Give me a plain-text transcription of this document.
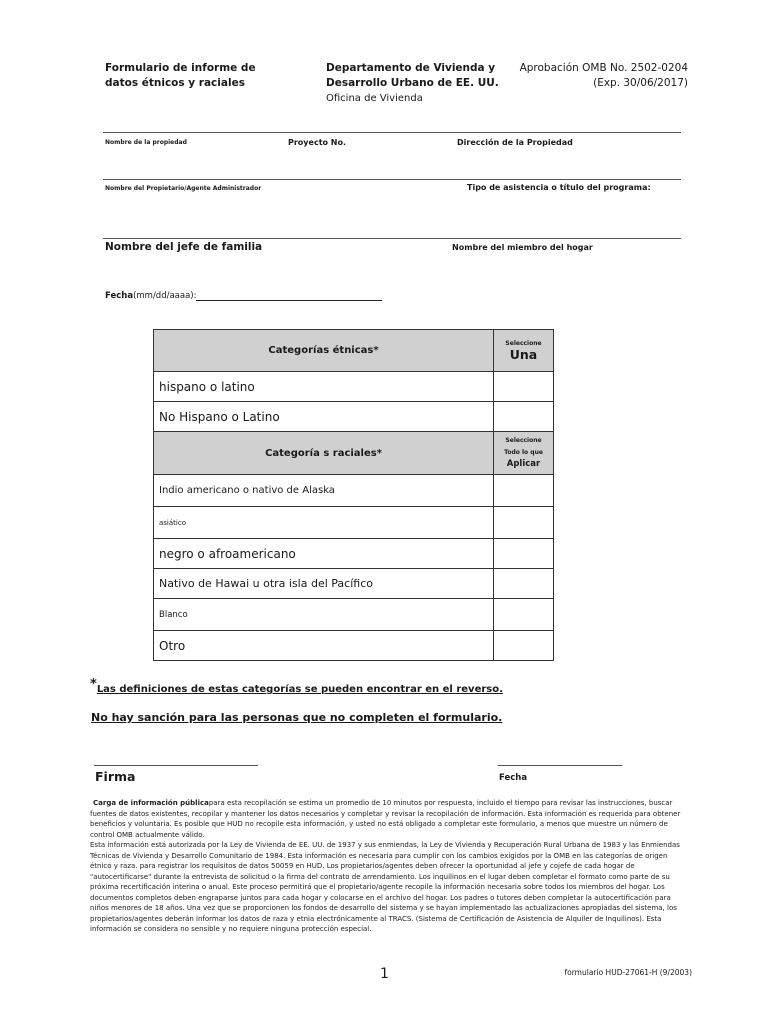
Formulario de informe de
datos étnicos y raciales
Departamento de Vivienda y
Desarrollo Urbano de EE. UU.
Oficina de Vivienda
Aprobación OMB No. 2502-0204
(Exp. 30/06/2017)
Nombre de la propiedad	Proyecto No.	Dirección de la Propiedad
Nombre del Propietario/Agente Administrador	Tipo de asistencia o título del programa:
Nombre del jefe de familia	Nombre del miembro del hogar
Fecha(mm/dd/aaaa):
Categorías étnicas*	Seleccione
Una

hispano o latino	
No Hispano o Latino	
Categoría s raciales*	Seleccione
Todo lo que
Aplicar

Indio americano o nativo de Alaska	
asiático	
negro o afroamericano	
Nativo de Hawai u otra isla del Pacífico	
Blanco	
Otro	
*Las definiciones de estas categorías se pueden encontrar en el reverso.
No hay sanción para las personas que no completen el formulario.
Firma	Fecha
Carga de información públicapara esta recopilación se estima un promedio de 10 minutos por respuesta, incluido el tiempo para revisar las instrucciones, buscar fuentes de datos existentes, recopilar y mantener los datos necesarios y completar y revisar la recopilación de información. Esta información es requerida para obtener beneficios y voluntaria. Es posible que HUD no recopile esta información, y usted no está obligado a completar este formulario, a menos que muestre un número de control OMB actualmente válido.
Esta información está autorizada por la Ley de Vivienda de EE. UU. de 1937 y sus enmiendas, la Ley de Vivienda y Recuperación Rural Urbana de 1983 y las Enmiendas Técnicas de Vivienda y Desarrollo Comunitario de 1984. Esta información es necesaria para cumplir con los cambios exigidos por la OMB en las categorías de origen étnico y raza. para registrar los requisitos de datos 50059 en HUD. Los propietarios/agentes deben ofrecer la oportunidad al jefe y cojefe de cada hogar de "autocertificarse" durante la entrevista de solicitud o la firma del contrato de arrendamiento. Los inquilinos en el lugar deben completar el formato como parte de su próxima recertificación interina o anual. Este proceso permitirá que el propietario/agente recopile la información necesaria sobre todos los miembros del hogar. Los documentos completos deben engraparse juntos para cada hogar y colocarse en el archivo del hogar. Los padres o tutores deben completar la autocertificación para niños menores de 18 años. Una vez que se proporcionen los fondos de desarrollo del sistema y se hayan implementado las actualizaciones apropiadas del sistema, los propietarios/agentes deberán informar los datos de raza y etnia electrónicamente al TRACS. (Sistema de Certificación de Asistencia de Alquiler de Inquilinos). Esta información se considera no sensible y no requiere ninguna protección especial.
1	formulario HUD-27061-H (9/2003)
